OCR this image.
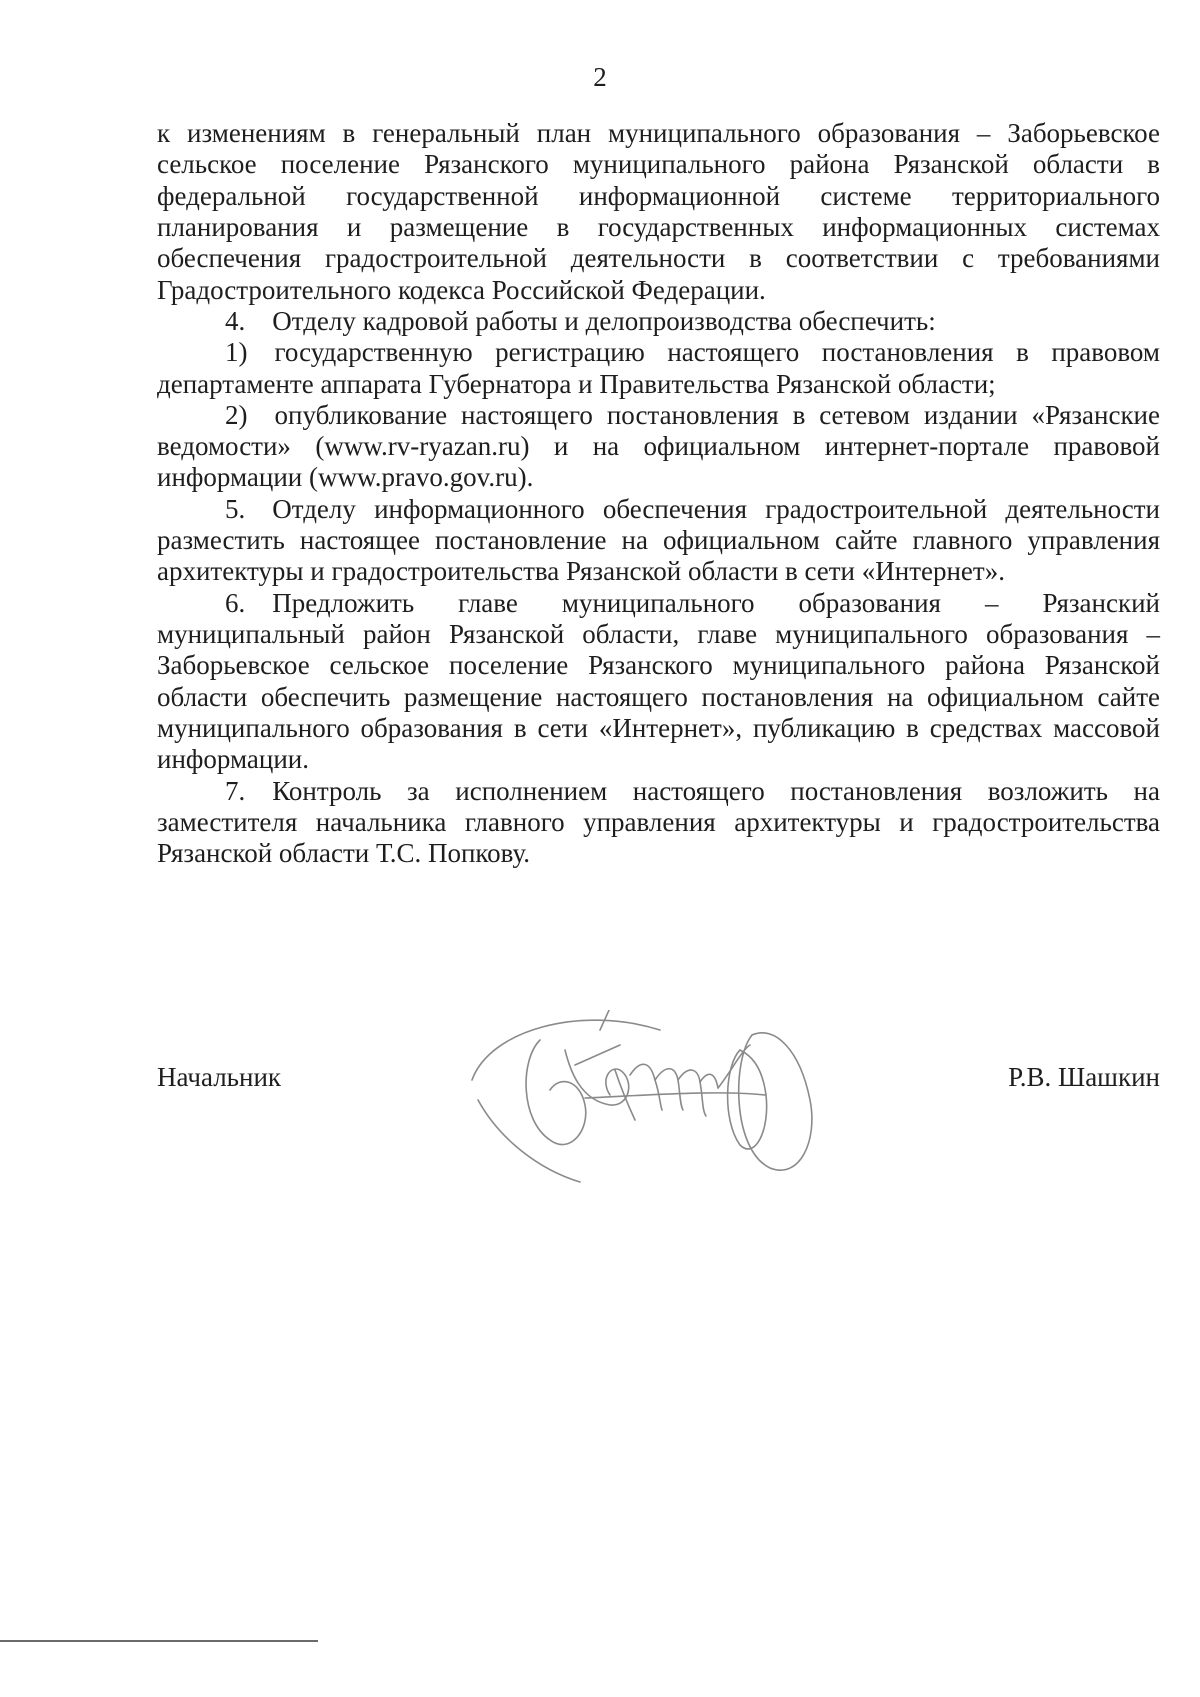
2

к изменениям в генеральный план муниципального образования – Заборьевское сельское поселение Рязанского муниципального района Рязанской области в федеральной государственной информационной системе территориального планирования и размещение в государственных информационных системах обеспечения градостроительной деятельности в соответствии с требованиями Градостроительного кодекса Российской Федерации.

4. Отделу кадровой работы и делопроизводства обеспечить:

1) государственную регистрацию настоящего постановления в правовом департаменте аппарата Губернатора и Правительства Рязанской области;

2) опубликование настоящего постановления в сетевом издании «Рязанские ведомости» (www.rv-ryazan.ru) и на официальном интернет-портале правовой информации (www.pravo.gov.ru).

5. Отделу информационного обеспечения градостроительной деятельности разместить настоящее постановление на официальном сайте главного управления архитектуры и градостроительства Рязанской области в сети «Интернет».

6. Предложить главе муниципального образования – Рязанский муниципальный район Рязанской области, главе муниципального образования – Заборьевское сельское поселение Рязанского муниципального района Рязанской области обеспечить размещение настоящего постановления на официальном сайте муниципального образования в сети «Интернет», публикацию в средствах массовой информации.

7. Контроль за исполнением настоящего постановления возложить на заместителя начальника главного управления архитектуры и градостроительства Рязанской области Т.С. Попкову.

Начальник	Р.В. Шашкин
